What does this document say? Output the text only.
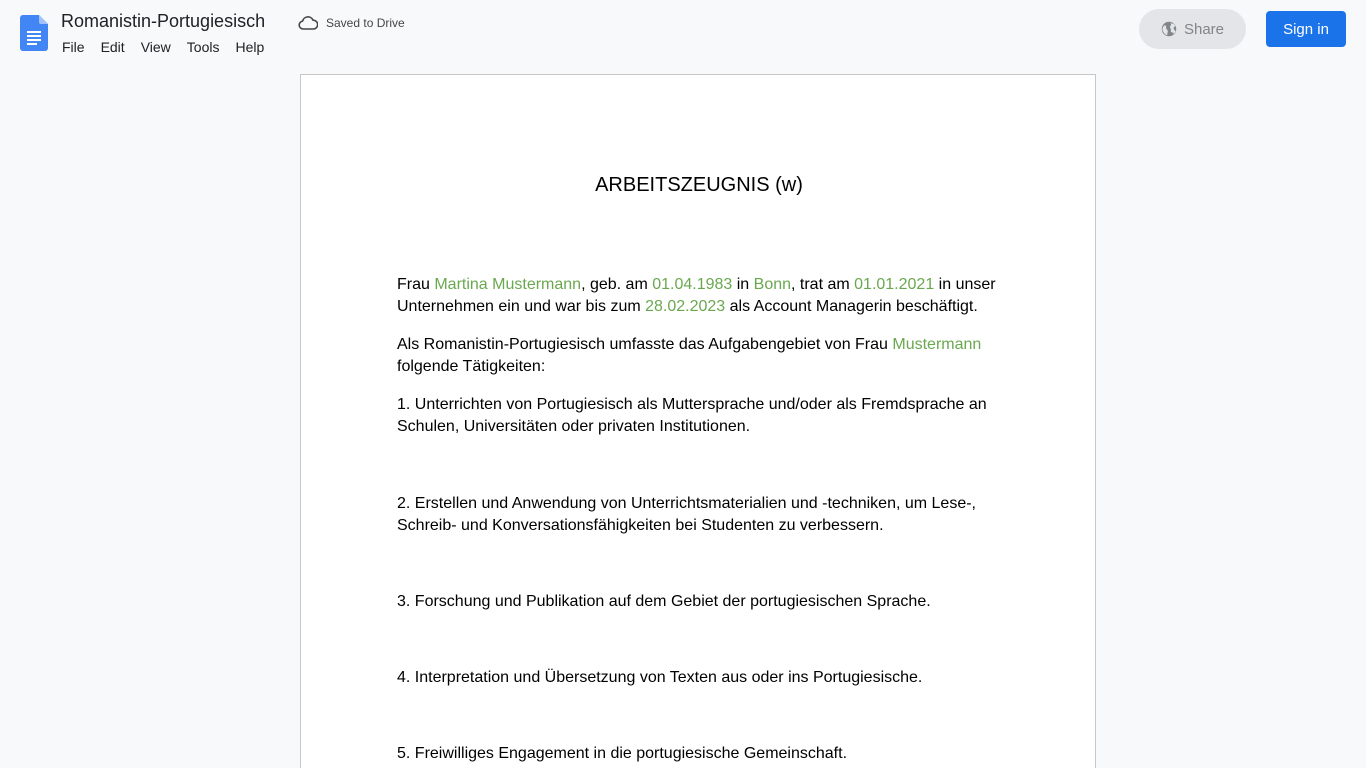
Romanistin-Portugiesisch
File	Edit	View	Tools	Help
Saved to Drive	Share	Sign in
ARBEITSZEUGNIS (w)

Frau Martina Mustermann, geb. am 01.04.1983 in Bonn, trat am 01.01.2021 in unser Unternehmen ein und war bis zum 28.02.2023 als Account Managerin beschäftigt.

Als Romanistin-Portugiesisch umfasste das Aufgabengebiet von Frau Mustermann folgende Tätigkeiten:

1. Unterrichten von Portugiesisch als Muttersprache und/oder als Fremdsprache an Schulen, Universitäten oder privaten Institutionen.

2. Erstellen und Anwendung von Unterrichtsmaterialien und -techniken, um Lese-, Schreib- und Konversationsfähigkeiten bei Studenten zu verbessern.

3. Forschung und Publikation auf dem Gebiet der portugiesischen Sprache.

4. Interpretation und Übersetzung von Texten aus oder ins Portugiesische.

5. Freiwilliges Engagement in die portugiesische Gemeinschaft.
